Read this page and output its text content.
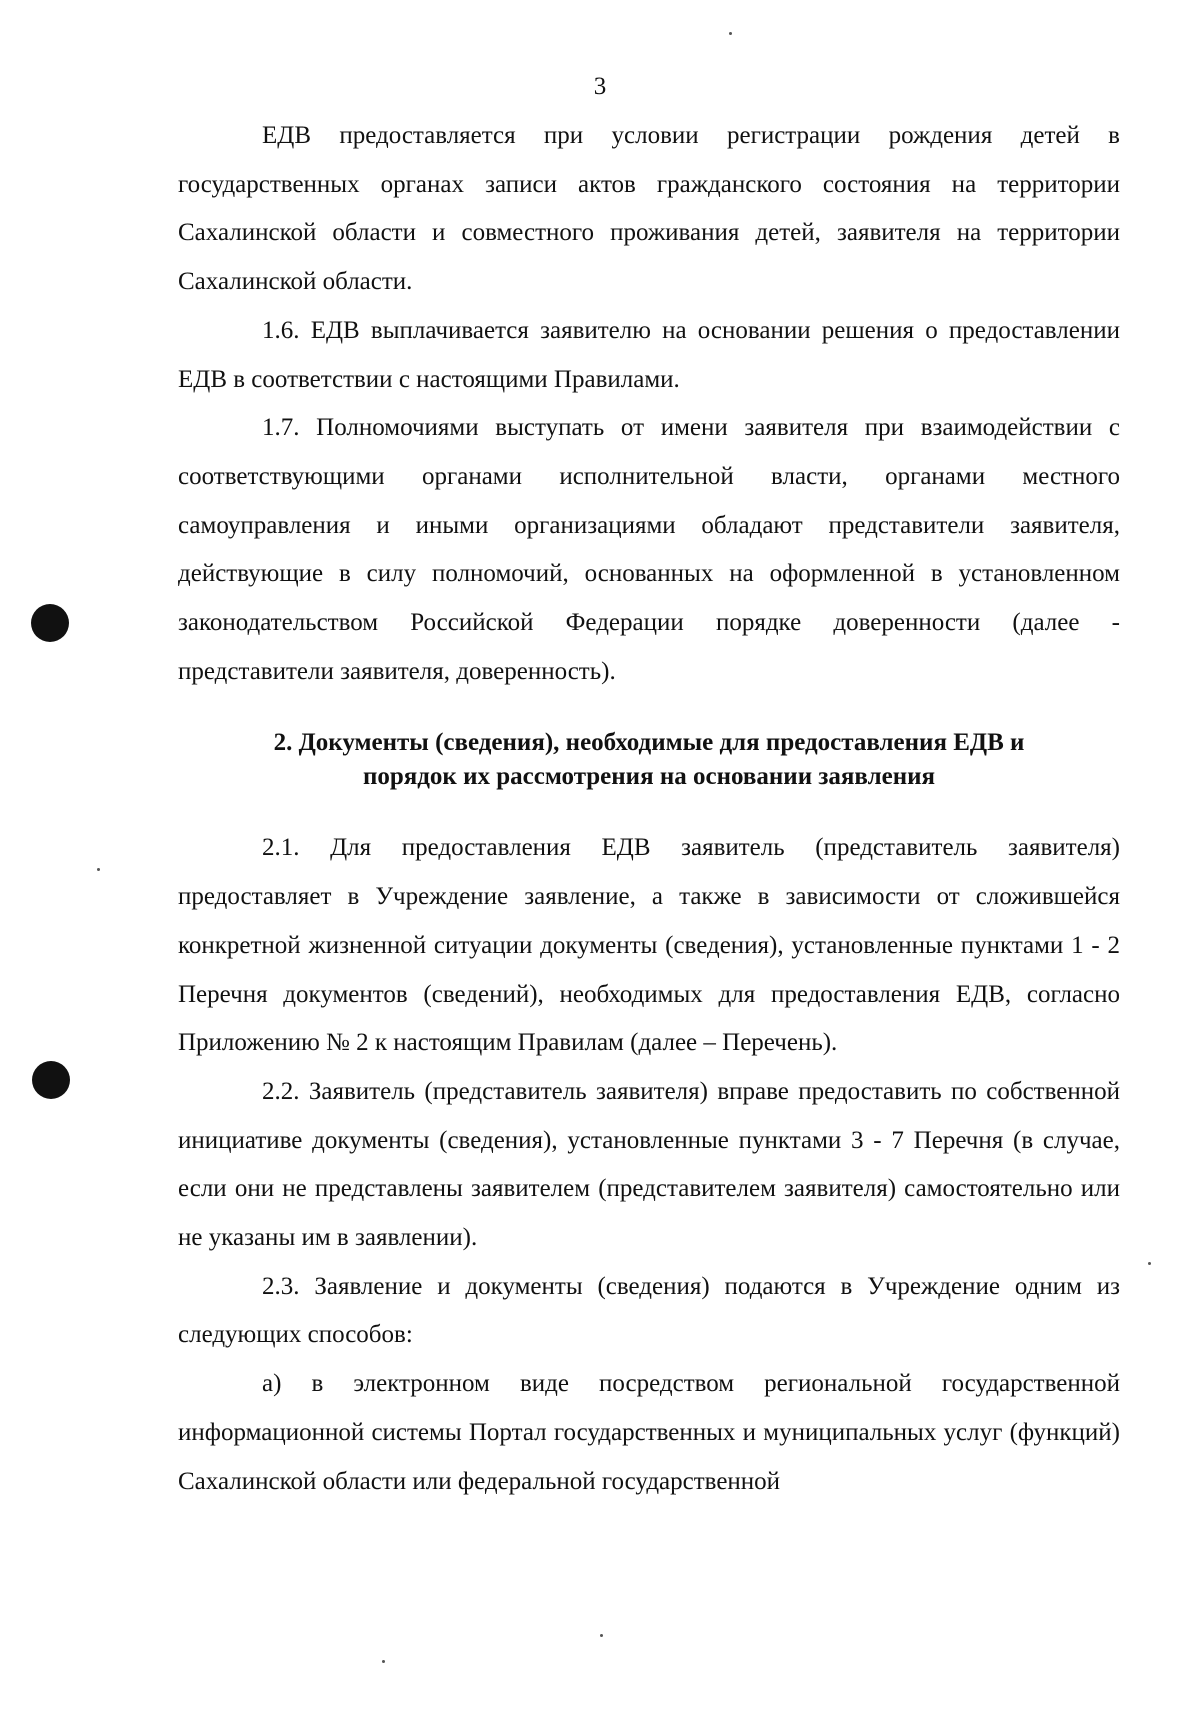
3

ЕДВ предоставляется при условии регистрации рождения детей в государственных органах записи актов гражданского состояния на территории Сахалинской области и совместного проживания детей, заявителя на территории Сахалинской области.

1.6. ЕДВ выплачивается заявителю на основании решения о предоставлении ЕДВ в соответствии с настоящими Правилами.

1.7. Полномочиями выступать от имени заявителя при взаимодействии с соответствующими органами исполнительной власти, органами местного самоуправления и иными организациями обладают представители заявителя, действующие в силу полномочий, основанных на оформленной в установленном законодательством Российской Федерации порядке доверенности (далее - представители заявителя, доверенность).

2. Документы (сведения), необходимые для предоставления ЕДВ и
порядок их рассмотрения на основании заявления

2.1. Для предоставления ЕДВ заявитель (представитель заявителя) предоставляет в Учреждение заявление, а также в зависимости от сложившейся конкретной жизненной ситуации документы (сведения), установленные пунктами 1 - 2 Перечня документов (сведений), необходимых для предоставления ЕДВ, согласно Приложению № 2 к настоящим Правилам (далее – Перечень).

2.2. Заявитель (представитель заявителя) вправе предоставить по собственной инициативе документы (сведения), установленные пунктами 3 - 7 Перечня (в случае, если они не представлены заявителем (представителем заявителя) самостоятельно или не указаны им в заявлении).

2.3. Заявление и документы (сведения) подаются в Учреждение одним из следующих способов:

а) в электронном виде посредством региональной государственной информационной системы Портал государственных и муниципальных услуг (функций) Сахалинской области или федеральной государственной
